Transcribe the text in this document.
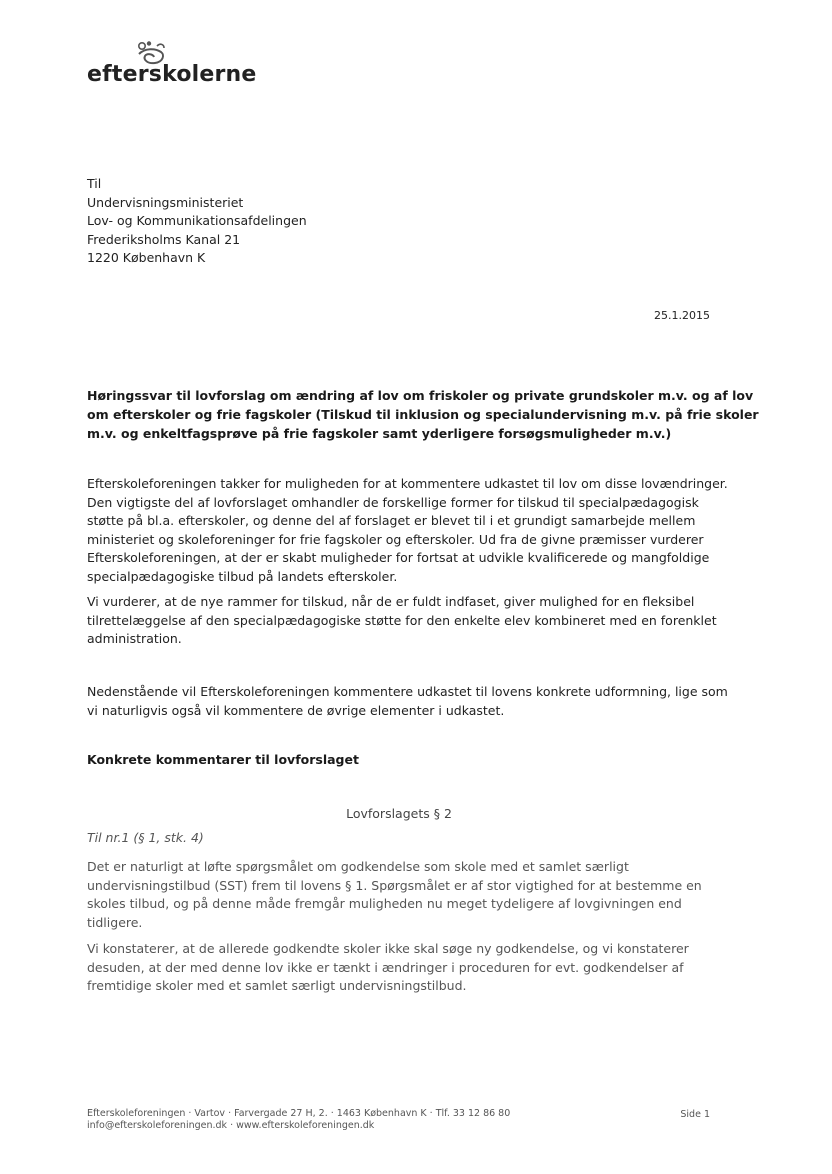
efterskolerne
Til
Undervisningsministeriet
Lov- og Kommunikationsafdelingen
Frederiksholms Kanal 21
1220 København K
25.1.2015
Høringssvar til lovforslag om ændring af lov om friskoler og private grundskoler m.v. og af lov
om efterskoler og frie fagskoler (Tilskud til inklusion og specialundervisning m.v. på frie skoler
m.v. og enkeltfagsprøve på frie fagskoler samt yderligere forsøgsmuligheder m.v.)
Efterskoleforeningen takker for muligheden for at kommentere udkastet til lov om disse lovændringer.
Den vigtigste del af lovforslaget omhandler de forskellige former for tilskud til specialpædagogisk
støtte på bl.a. efterskoler, og denne del af forslaget er blevet til i et grundigt samarbejde mellem
ministeriet og skoleforeninger for frie fagskoler og efterskoler. Ud fra de givne præmisser vurderer
Efterskoleforeningen, at der er skabt muligheder for fortsat at udvikle kvalificerede og mangfoldige
specialpædagogiske tilbud på landets efterskoler.
Vi vurderer, at de nye rammer for tilskud, når de er fuldt indfaset, giver mulighed for en fleksibel
tilrettelæggelse af den specialpædagogiske støtte for den enkelte elev kombineret med en forenklet
administration.
Nedenstående vil Efterskoleforeningen kommentere udkastet til lovens konkrete udformning, lige som
vi naturligvis også vil kommentere de øvrige elementer i udkastet.
Konkrete kommentarer til lovforslaget
Lovforslagets § 2
Til nr.1 (§ 1, stk. 4)
Det er naturligt at løfte spørgsmålet om godkendelse som skole med et samlet særligt
undervisningstilbud (SST) frem til lovens § 1. Spørgsmålet er af stor vigtighed for at bestemme en
skoles tilbud, og på denne måde fremgår muligheden nu meget tydeligere af lovgivningen end
tidligere.
Vi konstaterer, at de allerede godkendte skoler ikke skal søge ny godkendelse, og vi konstaterer
desuden, at der med denne lov ikke er tænkt i ændringer i proceduren for evt. godkendelser af
fremtidige skoler med et samlet særligt undervisningstilbud.
Efterskoleforeningen · Vartov · Farvergade 27 H, 2. · 1463 København K · Tlf. 33 12 86 80
info@efterskoleforeningen.dk · www.efterskoleforeningen.dk
Side 1
